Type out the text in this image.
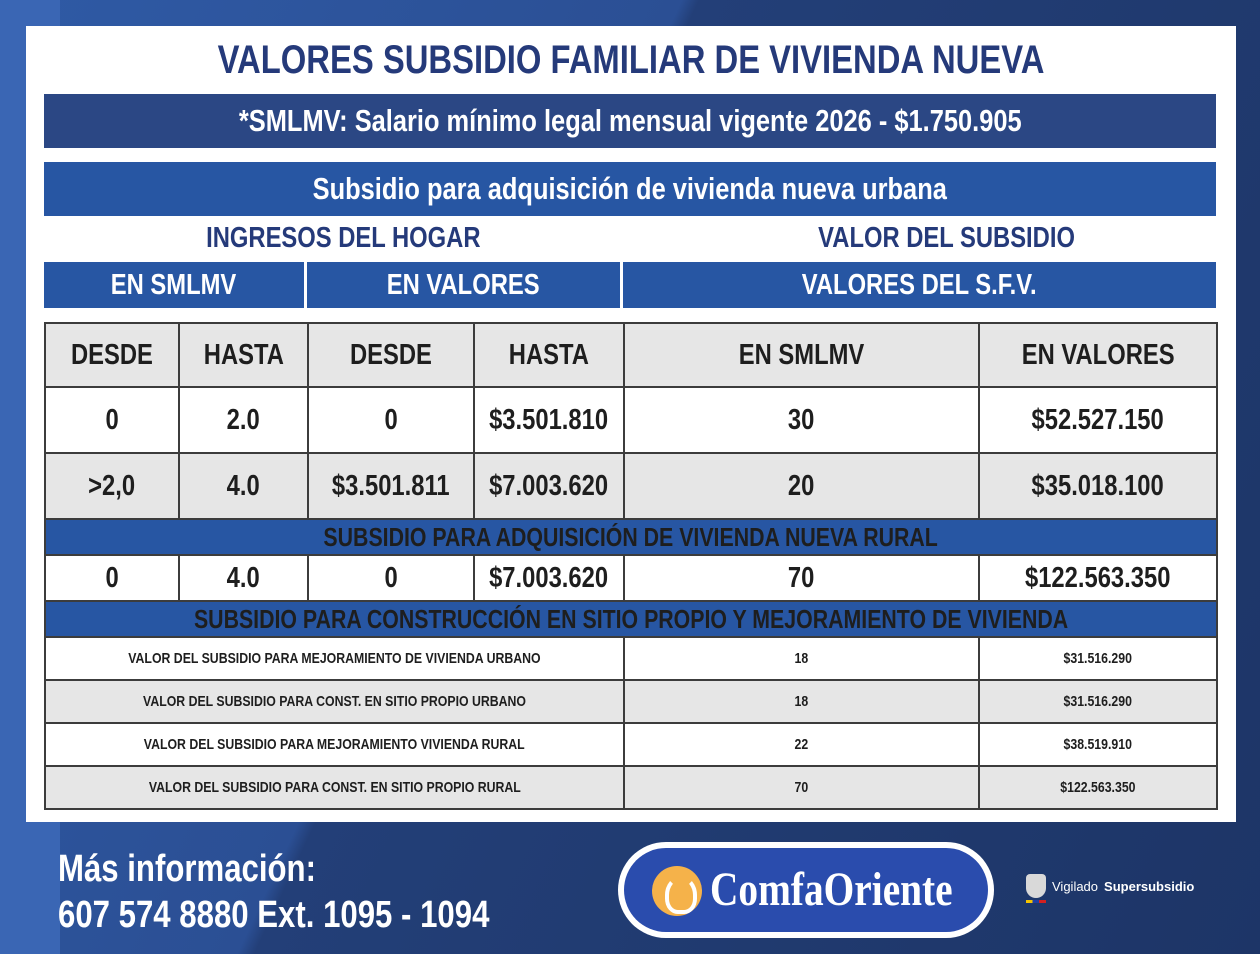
VALORES SUBSIDIO FAMILIAR DE VIVIENDA NUEVA
*SMLMV: Salario mínimo legal mensual vigente 2026 - $1.750.905
Subsidio para adquisición de vivienda nueva urbana
INGRESOS DEL HOGAR	VALOR DEL SUBSIDIO
EN SMLMV	EN VALORES	VALORES DEL S.F.V.
DESDE	HASTA	DESDE	HASTA	EN SMLMV	EN VALORES
0	2.0	0	$3.501.810	30	$52.527.150
>2,0	4.0	$3.501.811	$7.003.620	20	$35.018.100
SUBSIDIO PARA ADQUISICIÓN DE VIVIENDA NUEVA RURAL					
0	4.0	0	$7.003.620	70	$122.563.350
SUBSIDIO PARA CONSTRUCCIÓN EN SITIO PROPIO Y MEJORAMIENTO DE VIVIENDA					
VALOR DEL SUBSIDIO PARA MEJORAMIENTO DE VIVIENDA URBANO				18	$31.516.290
VALOR DEL SUBSIDIO PARA CONST. EN SITIO PROPIO URBANO				18	$31.516.290
VALOR DEL SUBSIDIO PARA MEJORAMIENTO VIVIENDA RURAL				22	$38.519.910
VALOR DEL SUBSIDIO PARA CONST. EN SITIO PROPIO RURAL				70	$122.563.350
Más información:
607 574 8880 Ext. 1095 - 1094	ComfaOriente	Vigilado Supersubsidio
